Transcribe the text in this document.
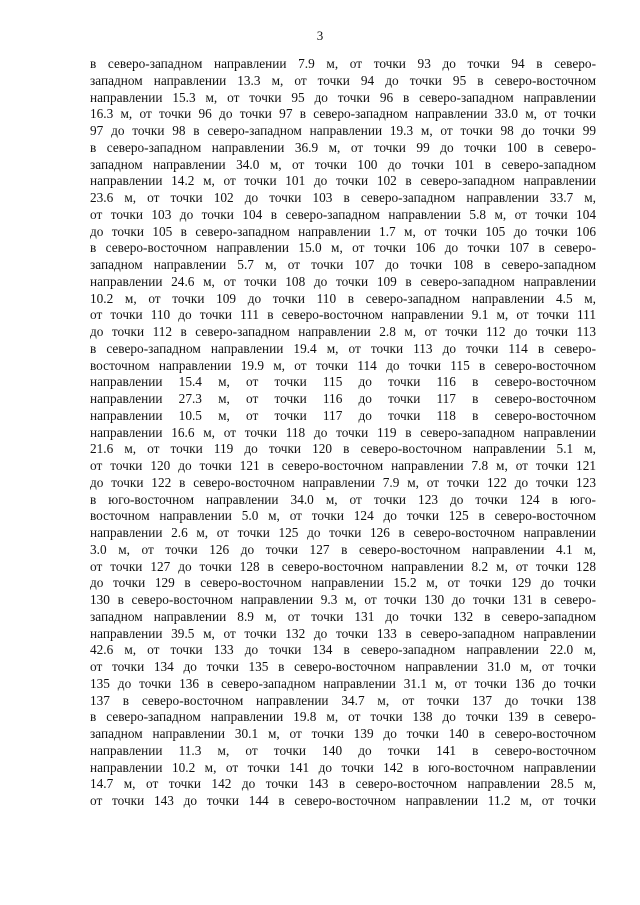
3
в северо-западном направлении 7.9 м, от точки 93 до точки 94 в северо-
западном направлении 13.3 м, от точки 94 до точки 95 в северо-восточном
направлении 15.3 м, от точки 95 до точки 96 в северо-западном направлении
16.3 м, от точки 96 до точки 97 в северо-западном направлении 33.0 м, от точки
97 до точки 98 в северо-западном направлении 19.3 м, от точки 98 до точки 99
в северо-западном направлении 36.9 м, от точки 99 до точки 100 в северо-
западном направлении 34.0 м, от точки 100 до точки 101 в северо-западном
направлении 14.2 м, от точки 101 до точки 102 в северо-западном направлении
23.6 м, от точки 102 до точки 103 в северо-западном направлении 33.7 м,
от точки 103 до точки 104 в северо-западном направлении 5.8 м, от точки 104
до точки 105 в северо-западном направлении 1.7 м, от точки 105 до точки 106
в северо-восточном направлении 15.0 м, от точки 106 до точки 107 в северо-
западном направлении 5.7 м, от точки 107 до точки 108 в северо-западном
направлении 24.6 м, от точки 108 до точки 109 в северо-западном направлении
10.2 м, от точки 109 до точки 110 в северо-западном направлении 4.5 м,
от точки 110 до точки 111 в северо-восточном направлении 9.1 м, от точки 111
до точки 112 в северо-западном направлении 2.8 м, от точки 112 до точки 113
в северо-западном направлении 19.4 м, от точки 113 до точки 114 в северо-
восточном направлении 19.9 м, от точки 114 до точки 115 в северо-восточном
направлении 15.4 м, от точки 115 до точки 116 в северо-восточном
направлении 27.3 м, от точки 116 до точки 117 в северо-восточном
направлении 10.5 м, от точки 117 до точки 118 в северо-восточном
направлении 16.6 м, от точки 118 до точки 119 в северо-западном направлении
21.6 м, от точки 119 до точки 120 в северо-восточном направлении 5.1 м,
от точки 120 до точки 121 в северо-восточном направлении 7.8 м, от точки 121
до точки 122 в северо-восточном направлении 7.9 м, от точки 122 до точки 123
в юго-восточном направлении 34.0 м, от точки 123 до точки 124 в юго-
восточном направлении 5.0 м, от точки 124 до точки 125 в северо-восточном
направлении 2.6 м, от точки 125 до точки 126 в северо-восточном направлении
3.0 м, от точки 126 до точки 127 в северо-восточном направлении 4.1 м,
от точки 127 до точки 128 в северо-восточном направлении 8.2 м, от точки 128
до точки 129 в северо-восточном направлении 15.2 м, от точки 129 до точки
130 в северо-восточном направлении 9.3 м, от точки 130 до точки 131 в северо-
западном направлении 8.9 м, от точки 131 до точки 132 в северо-западном
направлении 39.5 м, от точки 132 до точки 133 в северо-западном направлении
42.6 м, от точки 133 до точки 134 в северо-западном направлении 22.0 м,
от точки 134 до точки 135 в северо-восточном направлении 31.0 м, от точки
135 до точки 136 в северо-западном направлении 31.1 м, от точки 136 до точки
137 в северо-восточном направлении 34.7 м, от точки 137 до точки 138
в северо-западном направлении 19.8 м, от точки 138 до точки 139 в северо-
западном направлении 30.1 м, от точки 139 до точки 140 в северо-восточном
направлении 11.3 м, от точки 140 до точки 141 в северо-восточном
направлении 10.2 м, от точки 141 до точки 142 в юго-восточном направлении
14.7 м, от точки 142 до точки 143 в северо-восточном направлении 28.5 м,
от точки 143 до точки 144 в северо-восточном направлении 11.2 м, от точки
